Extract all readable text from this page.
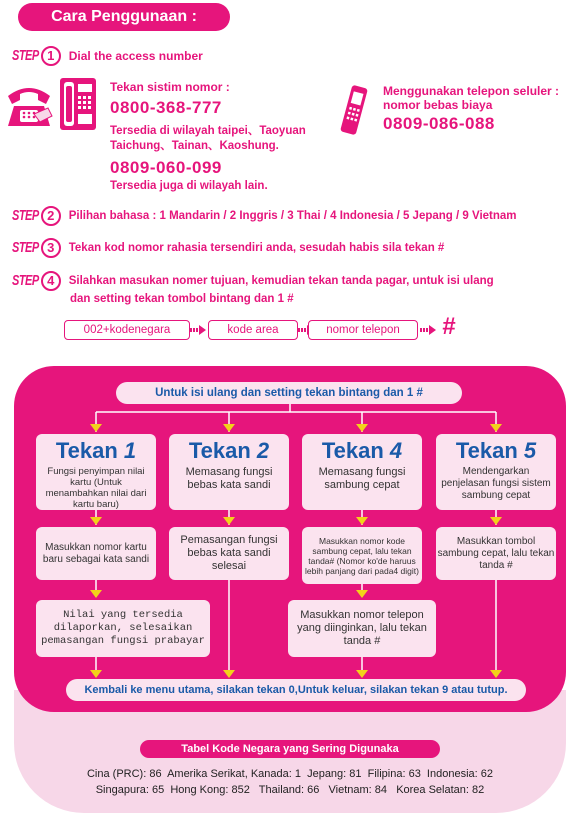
Cara Penggunaan :
STEP 1	Dial the access number
Tekan sistim nomor :
0800-368-777
Tersedia di wilayah taipei、Taoyuan
Taichung、Tainan、Kaoshung.
0809-060-099
Tersedia juga di wilayah lain.
Menggunakan telepon seluler :
nomor bebas biaya
0809-086-088
STEP 2	Pilihan bahasa : 1 Mandarin / 2 Inggris / 3 Thai / 4 Indonesia / 5 Jepang / 9 Vietnam
STEP 3	Tekan kod nomor rahasia tersendiri anda, sesudah habis sila tekan #
STEP 4	Silahkan masukan nomer tujuan, kemudian tekan tanda pagar, untuk isi ulang
dan setting tekan tombol bintang dan 1 #
002+kodenegara	kode area	nomor telepon	#
Untuk isi ulang dan setting tekan bintang dan 1 #
Tekan 1
Fungsi penyimpan nilai kartu (Untuk menambahkan nilai dari kartu baru)
Masukkan nomor kartu baru sebagai kata sandi
Nilai yang tersedia dilaporkan, selesaikan pemasangan fungsi prabayar
Tekan 2
Memasang fungsi bebas kata sandi
Pemasangan fungsi bebas kata sandi selesai
Tekan 4
Memasang fungsi sambung cepat
Masukkan nomor kode sambung cepat, lalu tekan tanda# (Nomor ko'de haruus lebih panjang dari pada4 digit)
Masukkan nomor telepon yang diinginkan, lalu tekan tanda #
Tekan 5
Mendengarkan penjelasan fungsi sistem sambung cepat
Masukkan tombol sambung cepat, lalu tekan tanda #
Kembali ke menu utama, silakan tekan 0,Untuk keluar, silakan tekan 9 atau tutup.
Tabel Kode Negara yang Sering Digunaka
Cina (PRC): 86  Amerika Serikat, Kanada: 1  Jepang: 81  Filipina: 63  Indonesia: 62
Singapura: 65  Hong Kong: 852   Thailand: 66   Vietnam: 84   Korea Selatan: 82
